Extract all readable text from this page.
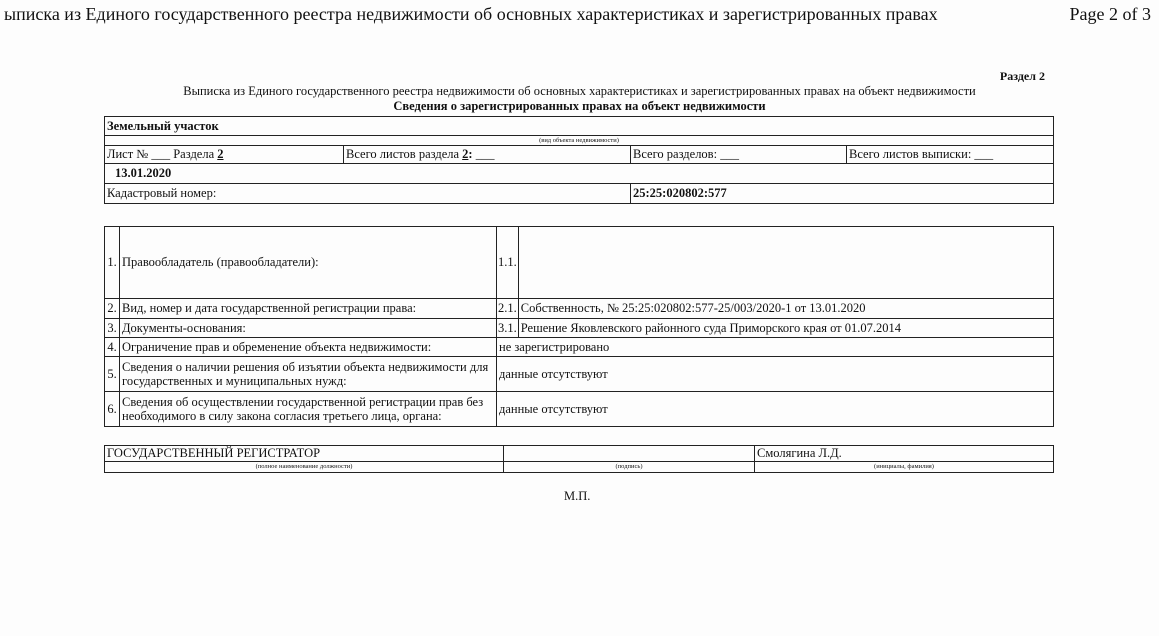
ыписка из Единого государственного реестра недвижимости об основных характеристиках и зарегистрированных правах	Page 2 of 3
Раздел 2
Выписка из Единого государственного реестра недвижимости об основных характеристиках и зарегистрированных правах на объект недвижимости
Сведения о зарегистрированных правах на объект недвижимости
Земельный участок			
(вид объекта недвижимости)			
Лист № ___ Раздела 2	Всего листов раздела 2: ___	Всего разделов: ___	Всего листов выписки: ___
13.01.2020			
Кадастровый номер:		25:25:020802:577	
1.	Правообладатель (правообладатели):	1.1.	
2.	Вид, номер и дата государственной регистрации права:	2.1.	Собственность, № 25:25:020802:577-25/003/2020-1 от 13.01.2020
3.	Документы-основания:	3.1.	Решение Яковлевского районного суда Приморского края от 01.07.2014
4.	Ограничение прав и обременение объекта недвижимости:	не зарегистрировано	
5.	Сведения о наличии решения об изъятии объекта недвижимости для государственных и муниципальных нужд:	данные отсутствуют	
6.	Сведения об осуществлении государственной регистрации прав без необходимого в силу закона согласия третьего лица, органа:	данные отсутствуют	
ГОСУДАРСТВЕННЫЙ РЕГИСТРАТОР		Смолягина Л.Д.
(полное наименование должности)	(подпись)	(инициалы, фамилия)
М.П.
